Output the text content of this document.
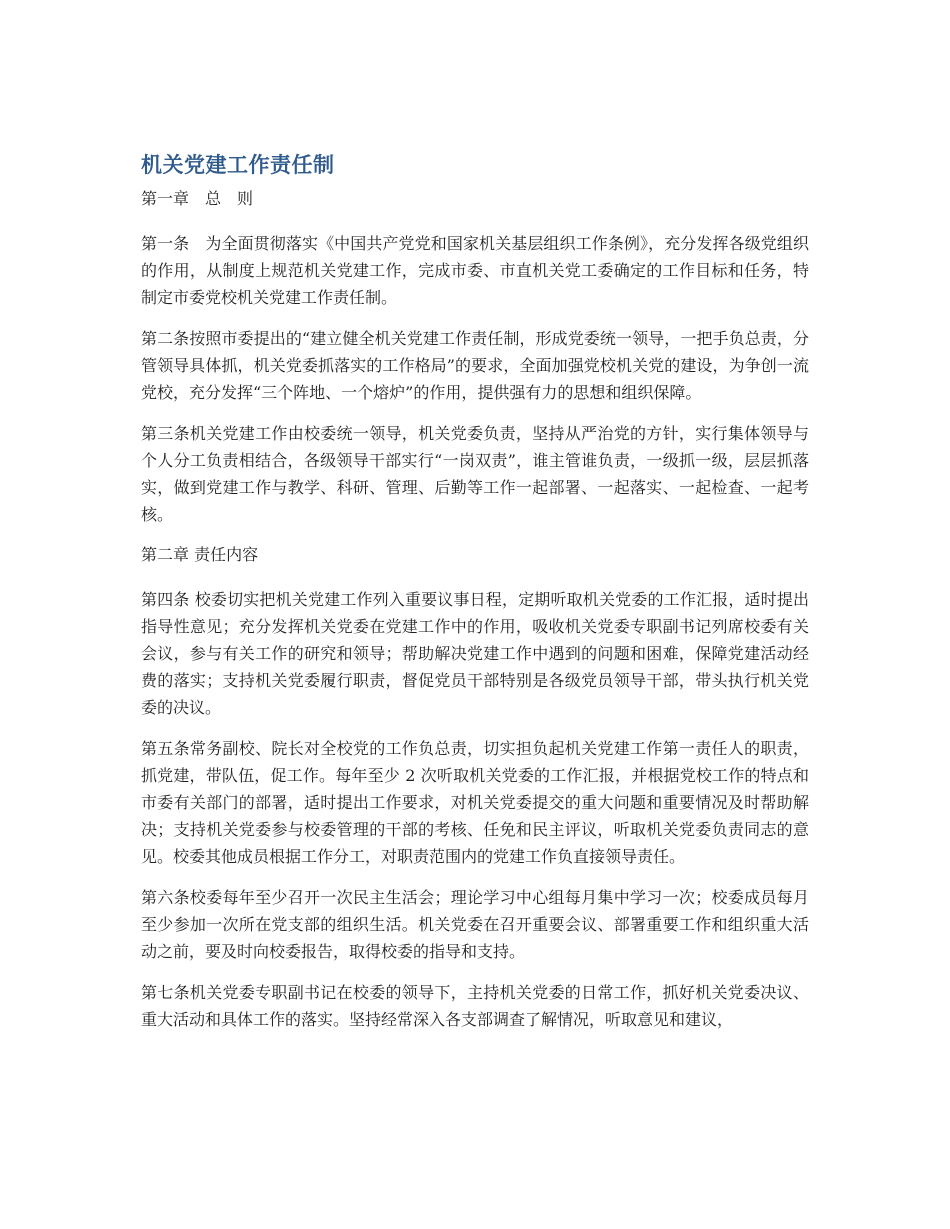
机关党建工作责任制
第一章　总　则

第一条　为全面贯彻落实《中国共产党党和国家机关基层组织工作条例》，充分发挥各级党组织的作用，从制度上规范机关党建工作，完成市委、市直机关党工委确定的工作目标和任务，特制定市委党校机关党建工作责任制。

第二条按照市委提出的“建立健全机关党建工作责任制，形成党委统一领导，一把手负总责，分管领导具体抓，机关党委抓落实的工作格局”的要求，全面加强党校机关党的建设，为争创一流党校，充分发挥“三个阵地、一个熔炉”的作用，提供强有力的思想和组织保障。

第三条机关党建工作由校委统一领导，机关党委负责，坚持从严治党的方针，实行集体领导与个人分工负责相结合，各级领导干部实行“一岗双责”，谁主管谁负责，一级抓一级，层层抓落实，做到党建工作与教学、科研、管理、后勤等工作一起部署、一起落实、一起检查、一起考核。

第二章 责任内容

第四条 校委切实把机关党建工作列入重要议事日程，定期听取机关党委的工作汇报，适时提出指导性意见；充分发挥机关党委在党建工作中的作用，吸收机关党委专职副书记列席校委有关会议，参与有关工作的研究和领导；帮助解决党建工作中遇到的问题和困难，保障党建活动经费的落实；支持机关党委履行职责，督促党员干部特别是各级党员领导干部，带头执行机关党委的决议。

第五条常务副校、院长对全校党的工作负总责，切实担负起机关党建工作第一责任人的职责，抓党建，带队伍，促工作。每年至少 2 次听取机关党委的工作汇报，并根据党校工作的特点和市委有关部门的部署，适时提出工作要求，对机关党委提交的重大问题和重要情况及时帮助解决；支持机关党委参与校委管理的干部的考核、任免和民主评议，听取机关党委负责同志的意见。校委其他成员根据工作分工，对职责范围内的党建工作负直接领导责任。

第六条校委每年至少召开一次民主生活会；理论学习中心组每月集中学习一次；校委成员每月至少参加一次所在党支部的组织生活。机关党委在召开重要会议、部署重要工作和组织重大活动之前，要及时向校委报告，取得校委的指导和支持。

第七条机关党委专职副书记在校委的领导下，主持机关党委的日常工作，抓好机关党委决议、重大活动和具体工作的落实。坚持经常深入各支部调查了解情况，听取意见和建议，
